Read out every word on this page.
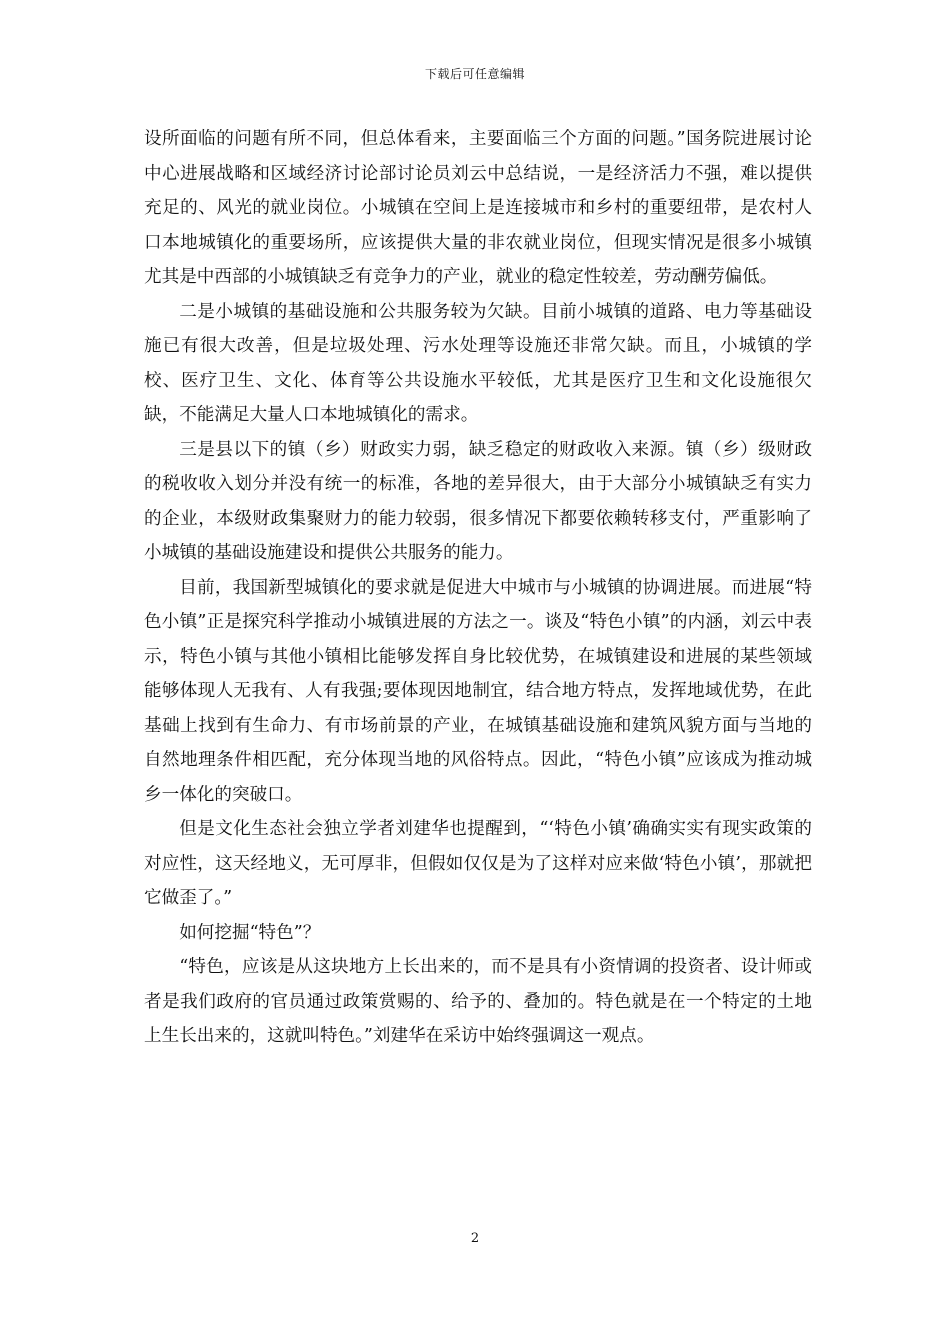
下载后可任意编辑

设所面临的问题有所不同，但总体看来，主要面临三个方面的问题。”国务院进展讨论中心进展战略和区域经济讨论部讨论员刘云中总结说，一是经济活力不强，难以提供充足的、风光的就业岗位。小城镇在空间上是连接城市和乡村的重要纽带，是农村人口本地城镇化的重要场所，应该提供大量的非农就业岗位，但现实情况是很多小城镇尤其是中西部的小城镇缺乏有竞争力的产业，就业的稳定性较差，劳动酬劳偏低。

二是小城镇的基础设施和公共服务较为欠缺。目前小城镇的道路、电力等基础设施已有很大改善，但是垃圾处理、污水处理等设施还非常欠缺。而且，小城镇的学校、医疗卫生、文化、体育等公共设施水平较低，尤其是医疗卫生和文化设施很欠缺，不能满足大量人口本地城镇化的需求。

三是县以下的镇（乡）财政实力弱，缺乏稳定的财政收入来源。镇（乡）级财政的税收收入划分并没有统一的标准，各地的差异很大，由于大部分小城镇缺乏有实力的企业，本级财政集聚财力的能力较弱，很多情况下都要依赖转移支付，严重影响了小城镇的基础设施建设和提供公共服务的能力。

目前，我国新型城镇化的要求就是促进大中城市与小城镇的协调进展。而进展“特色小镇”正是探究科学推动小城镇进展的方法之一。谈及“特色小镇”的内涵，刘云中表示，特色小镇与其他小镇相比能够发挥自身比较优势，在城镇建设和进展的某些领域能够体现人无我有、人有我强;要体现因地制宜，结合地方特点，发挥地域优势，在此基础上找到有生命力、有市场前景的产业，在城镇基础设施和建筑风貌方面与当地的自然地理条件相匹配，充分体现当地的风俗特点。因此，“特色小镇”应该成为推动城乡一体化的突破口。

但是文化生态社会独立学者刘建华也提醒到，“‘特色小镇’确确实实有现实政策的对应性，这天经地义，无可厚非，但假如仅仅是为了这样对应来做‘特色小镇’，那就把它做歪了。”

如何挖掘“特色”？

“特色，应该是从这块地方上长出来的，而不是具有小资情调的投资者、设计师或者是我们政府的官员通过政策赏赐的、给予的、叠加的。特色就是在一个特定的土地上生长出来的，这就叫特色。”刘建华在采访中始终强调这一观点。

2
